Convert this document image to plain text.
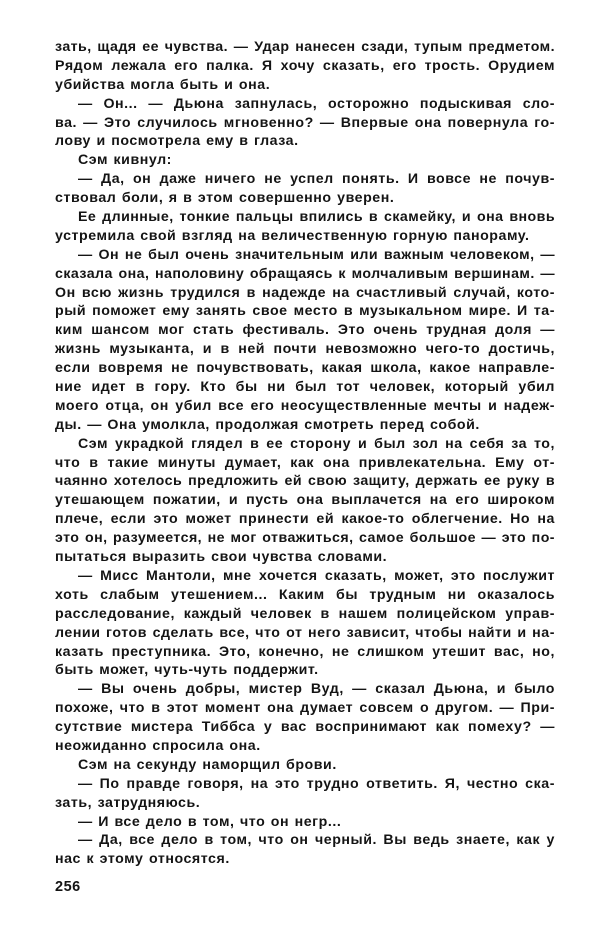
зать, щадя ее чувства. — Удар нанесен сзади, тупым предметом.
Рядом лежала его палка. Я хочу сказать, его трость. Орудием
убийства могла быть и она.
— Он... — Дьюна запнулась, осторожно подыскивая сло-
ва. — Это случилось мгновенно? — Впервые она повернула го-
лову и посмотрела ему в глаза.
Сэм кивнул:
— Да, он даже ничего не успел понять. И вовсе не почув-
ствовал боли, я в этом совершенно уверен.
Ее длинные, тонкие пальцы впились в скамейку, и она вновь
устремила свой взгляд на величественную горную панораму.
— Он не был очень значительным или важным человеком, —
сказала она, наполовину обращаясь к молчаливым вершинам. —
Он всю жизнь трудился в надежде на счастливый случай, кото-
рый поможет ему занять свое место в музыкальном мире. И та-
ким шансом мог стать фестиваль. Это очень трудная доля —
жизнь музыканта, и в ней почти невозможно чего-то достичь,
если вовремя не почувствовать, какая школа, какое направле-
ние идет в гору. Кто бы ни был тот человек, который убил
моего отца, он убил все его неосуществленные мечты и надеж-
ды. — Она умолкла, продолжая смотреть перед собой.
Сэм украдкой глядел в ее сторону и был зол на себя за то,
что в такие минуты думает, как она привлекательна. Ему от-
чаянно хотелось предложить ей свою защиту, держать ее руку в
утешающем пожатии, и пусть она выплачется на его широком
плече, если это может принести ей какое-то облегчение. Но на
это он, разумеется, не мог отважиться, самое большое — это по-
пытаться выразить свои чувства словами.
— Мисс Мантоли, мне хочется сказать, может, это послужит
хоть слабым утешением... Каким бы трудным ни оказалось
расследование, каждый человек в нашем полицейском управ-
лении готов сделать все, что от него зависит, чтобы найти и на-
казать преступника. Это, конечно, не слишком утешит вас, но,
быть может, чуть-чуть поддержит.
— Вы очень добры, мистер Вуд, — сказал Дьюна, и было
похоже, что в этот момент она думает совсем о другом. — При-
сутствие мистера Тиббса у вас воспринимают как помеху? —
неожиданно спросила она.
Сэм на секунду наморщил брови.
— По правде говоря, на это трудно ответить. Я, честно ска-
зать, затрудняюсь.
— И все дело в том, что он негр...
— Да, все дело в том, что он черный. Вы ведь знаете, как у
нас к этому относятся.
256
